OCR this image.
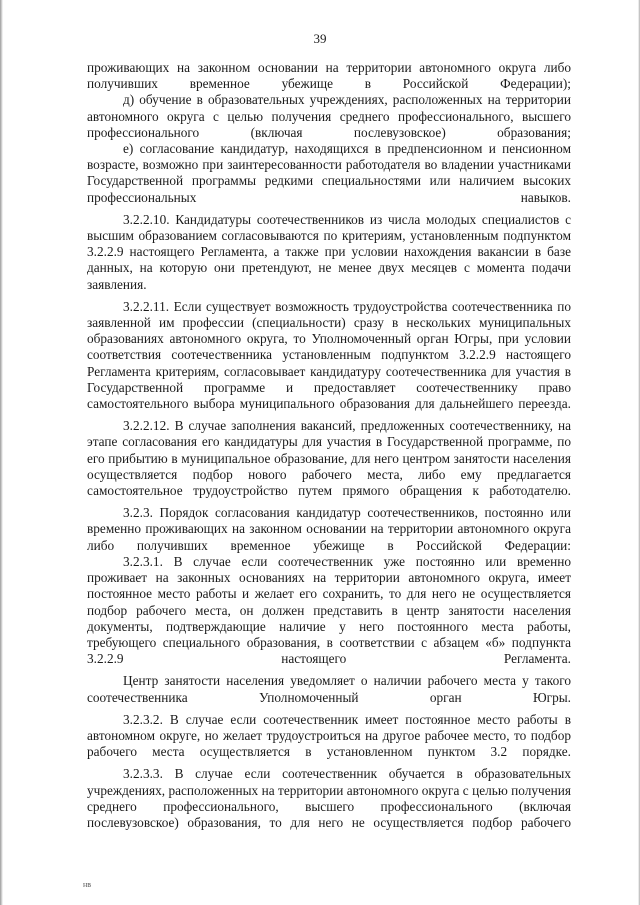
39

проживающих на законном основании на территории автономного округа либо получивших временное убежище в Российской Федерации);

д) обучение в образовательных учреждениях, расположенных на территории автономного округа с целью получения среднего профессионального, высшего профессионального (включая послевузовское) образования;

е) согласование кандидатур, находящихся в предпенсионном и пенсионном возрасте, возможно при заинтересованности работодателя во владении участниками Государственной программы редкими специальностями или наличием высоких профессиональных навыков.

3.2.2.10. Кандидатуры соотечественников из числа молодых специалистов с высшим образованием согласовываются по критериям, установленным подпунктом 3.2.2.9 настоящего Регламента, а также при условии нахождения вакансии в базе данных, на которую они претендуют, не менее двух месяцев с момента подачи заявления.

3.2.2.11. Если существует возможность трудоустройства соотечественника по заявленной им профессии (специальности) сразу в нескольких муниципальных образованиях автономного округа, то Уполномоченный орган Югры, при условии соответствия соотечественника установленным подпунктом 3.2.2.9 настоящего Регламента критериям, согласовывает кандидатуру соотечественника для участия в Государственной программе и предоставляет соотечественнику право самостоятельного выбора муниципального образования для дальнейшего переезда.

3.2.2.12. В случае заполнения вакансий, предложенных соотечественнику, на этапе согласования его кандидатуры для участия в Государственной программе, по его прибытию в муниципальное образование, для него центром занятости населения осуществляется подбор нового рабочего места, либо ему предлагается самостоятельное трудоустройство путем прямого обращения к работодателю.

3.2.3. Порядок согласования кандидатур соотечественников, постоянно или временно проживающих на законном основании на территории автономного округа либо получивших временное убежище в Российской Федерации:

3.2.3.1. В случае если соотечественник уже постоянно или временно проживает на законных основаниях на территории автономного округа, имеет постоянное место работы и желает его сохранить, то для него не осуществляется подбор рабочего места, он должен представить в центр занятости населения документы, подтверждающие наличие у него постоянного места работы, требующего специального образования, в соответствии с абзацем «б» подпункта 3.2.2.9 настоящего Регламента.

Центр занятости населения уведомляет о наличии рабочего места у такого соотечественника Уполномоченный орган Югры.

3.2.3.2. В случае если соотечественник имеет постоянное место работы в автономном округе, но желает трудоустроиться на другое рабочее место, то подбор рабочего места осуществляется в установленном пунктом 3.2 порядке.

3.2.3.3. В случае если соотечественник обучается в образовательных учреждениях, расположенных на территории автономного округа с целью получения среднего профессионального, высшего профессионального (включая послевузовское) образования, то для него не осуществляется подбор рабочего

нв
